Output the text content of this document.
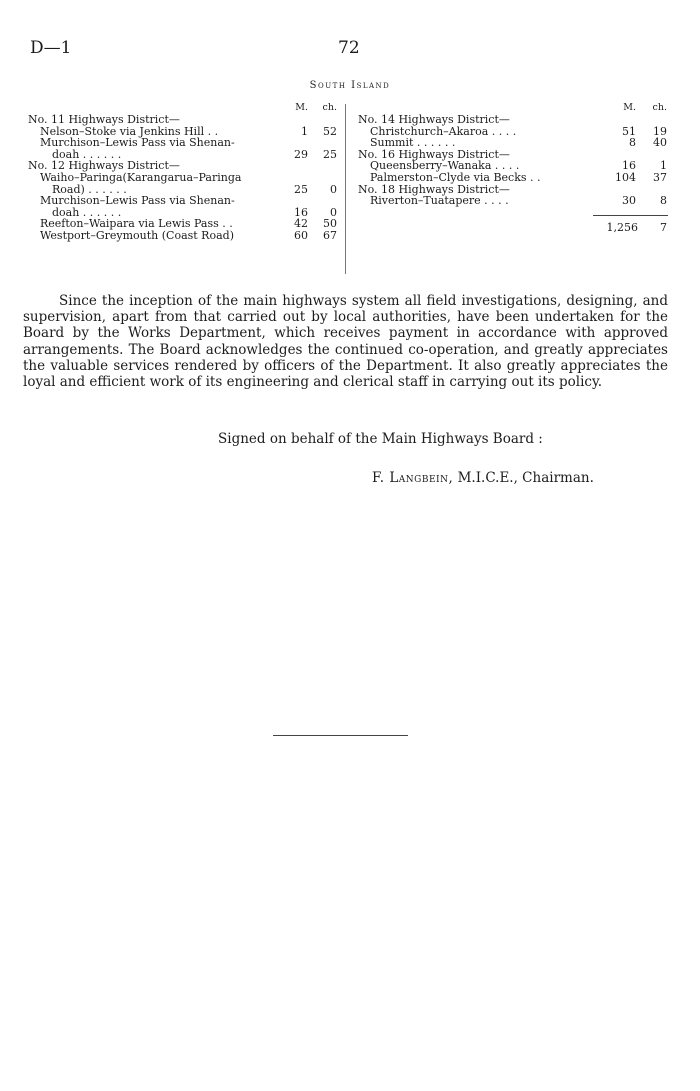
D—1	72
South Island
M.	ch.
No. 11 Highways District—
Nelson–Stoke via Jenkins Hill . .	1	52
Murchison–Lewis Pass via Shenan-
doah . . . . . .	29	25
No. 12 Highways District—
Waiho–Paringa(Karangarua–Paringa
Road) . . . . . .	25	0
Murchison–Lewis Pass via Shenan-
doah . . . . . .	16	0
Reefton–Waipara via Lewis Pass . .	42	50
Westport–Greymouth (Coast Road)	60	67
M.	ch.
No. 14 Highways District—
Christchurch–Akaroa . . . .	51	19
Summit . . . . . .	8	40
No. 16 Highways District—
Queensberry–Wanaka . . . .	16	1
Palmerston–Clyde via Becks . .	104	37
No. 18 Highways District—
Riverton–Tuatapere . . . .	30	8
1,256	7

Since the inception of the main highways system all field investigations, designing, and supervision, apart from that carried out by local authorities, have been undertaken for the Board by the Works Department, which receives payment in accordance with approved arrangements. The Board acknowledges the continued co-operation, and greatly appreciates the valuable services rendered by officers of the Department. It also greatly appreciates the loyal and efficient work of its engineering and clerical staff in carrying out its policy.

Signed on behalf of the Main Highways Board :
F. Langbein, M.I.C.E., Chairman.
